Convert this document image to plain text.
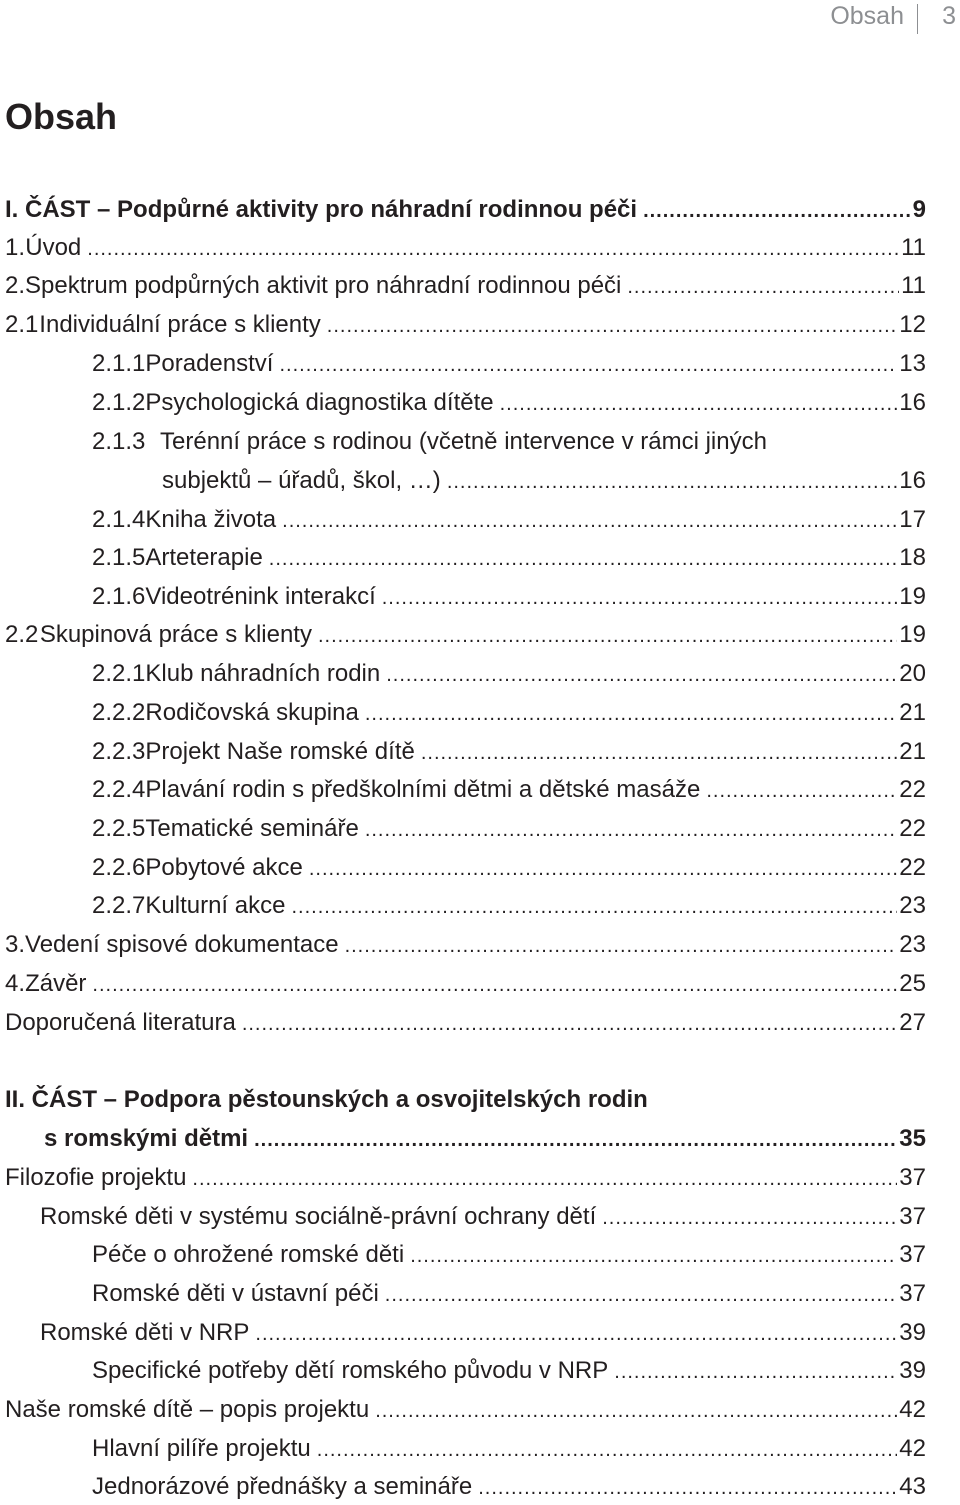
Obsah 3
Obsah
I. ČÁST – Podpůrné aktivity pro náhradní rodinnou péči .....	9
1. Úvod .....	11
2. Spektrum podpůrných aktivit pro náhradní rodinnou péči .....	11
2.1 Individuální práce s klienty .....	12
2.1.1 Poradenství .....	13
2.1.2 Psychologická diagnostika dítěte .....	16
2.1.3 Terénní práce s rodinou (včetně intervence v rámci jiných
subjektů – úřadů, škol, …) .....	16
2.1.4 Kniha života .....	17
2.1.5 Arteterapie .....	18
2.1.6 Videotrénink interakcí .....	19
2.2 Skupinová práce s klienty .....	19
2.2.1 Klub náhradních rodin .....	20
2.2.2 Rodičovská skupina .....	21
2.2.3 Projekt Naše romské dítě .....	21
2.2.4 Plavání rodin s předškolními dětmi a dětské masáže .....	22
2.2.5 Tematické semináře .....	22
2.2.6 Pobytové akce .....	22
2.2.7 Kulturní akce .....	23
3. Vedení spisové dokumentace .....	23
4. Závěr .....	25
Doporučená literatura .....	27
II. ČÁST – Podpora pěstounských a osvojitelských rodin
s romskými dětmi .....	35
Filozofie projektu .....	37
Romské děti v systému sociálně-právní ochrany dětí .....	37
Péče o ohrožené romské děti .....	37
Romské děti v ústavní péči .....	37
Romské děti v NRP .....	39
Specifické potřeby dětí romského původu v NRP .....	39
Naše romské dítě – popis projektu .....	42
Hlavní pilíře projektu .....	42
Jednorázové přednášky a semináře .....	43
